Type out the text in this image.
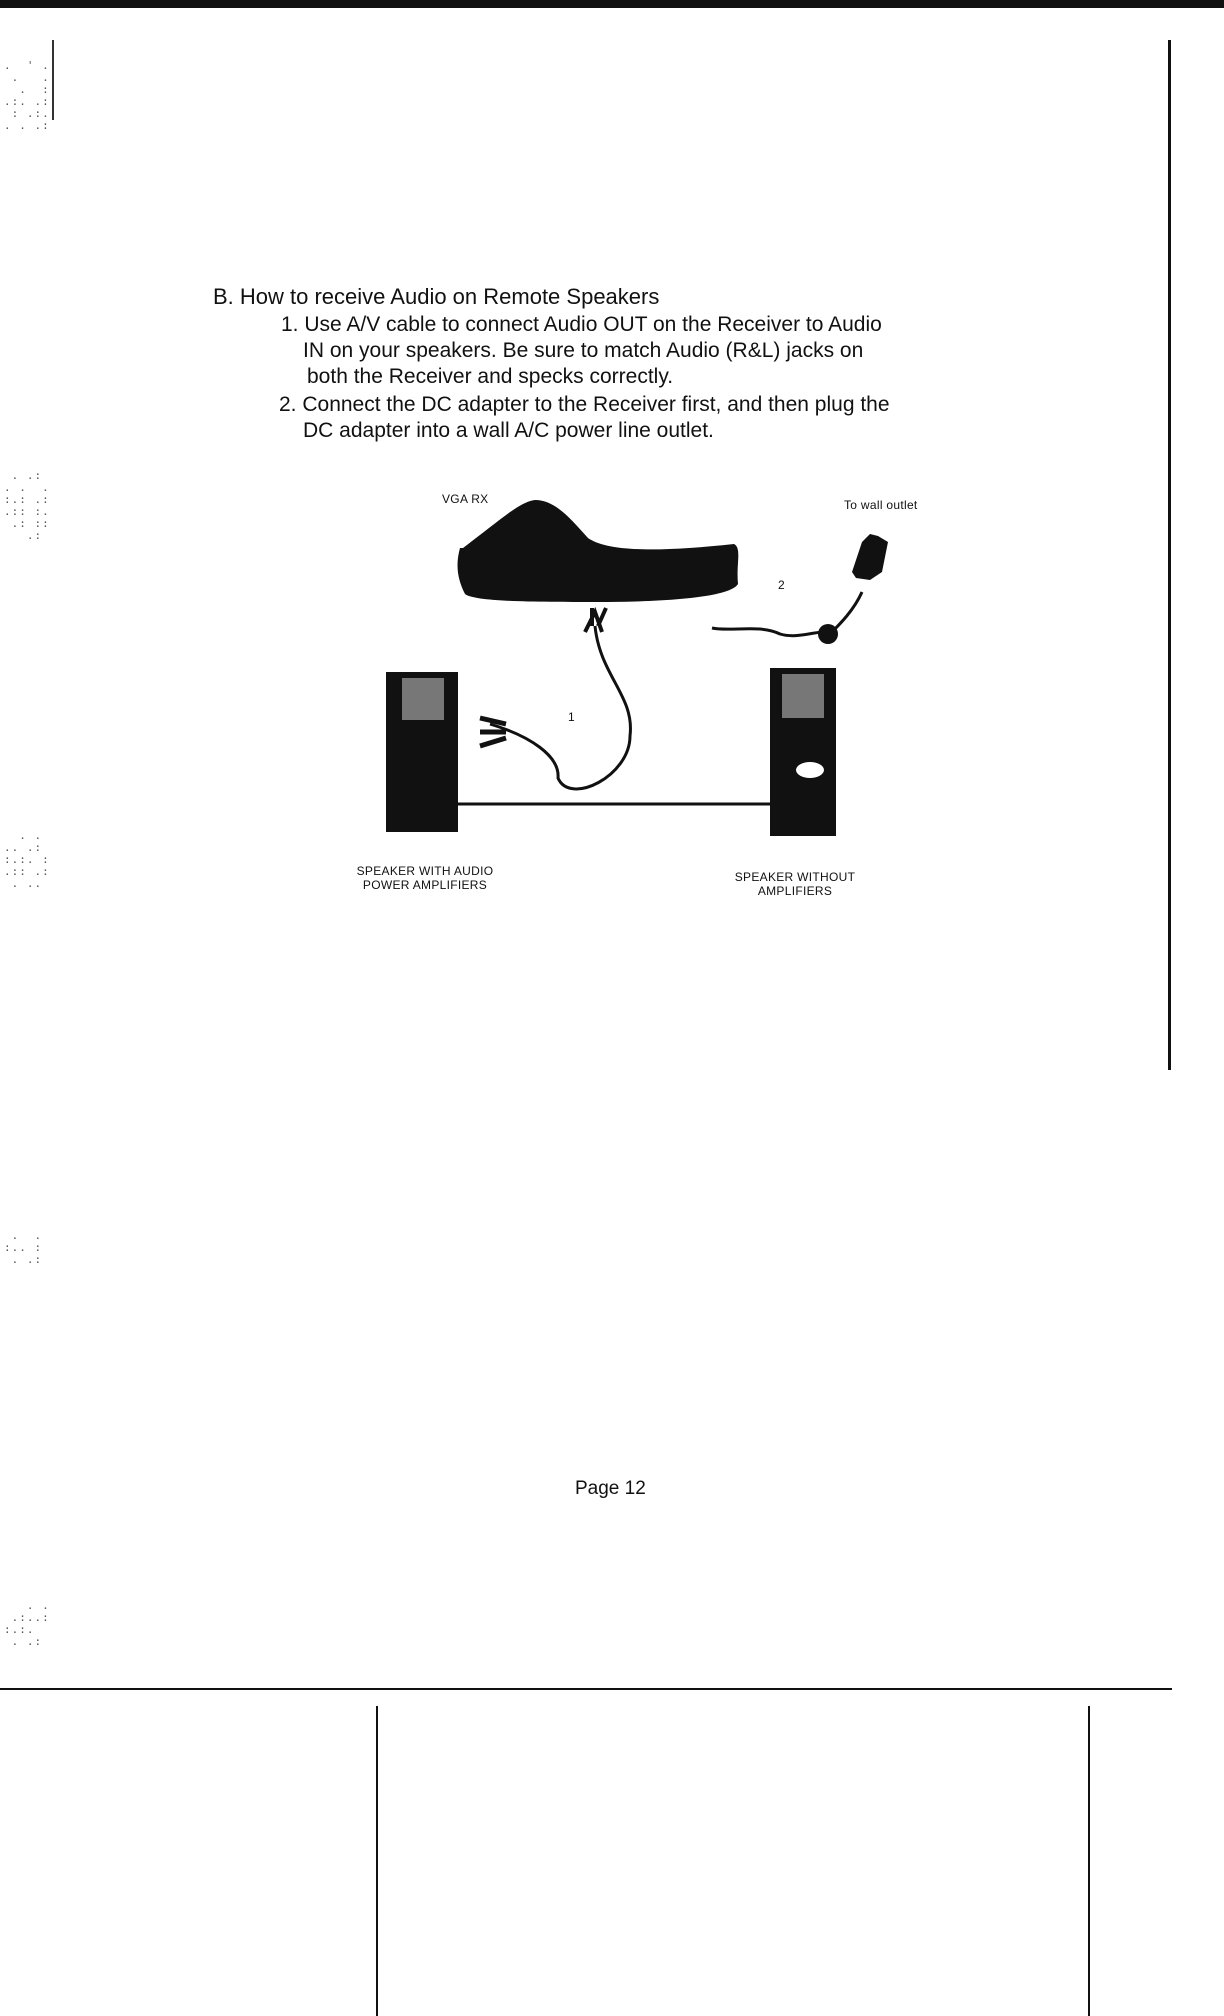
.  ' .
.   .
.  :
.:. .:
: .:.
. . .:
. .:
. .  .
:.: .:
.:: :.
.: ::
.:
. .
.. .:
:.:. :
.:: .:
. ..
.  .
:.. :
. .:
. .
.:..:
:.:.
. .:
B. How to receive Audio on Remote Speakers
1. Use A/V cable to connect Audio OUT on the Receiver to Audio
IN on your speakers. Be sure to match Audio (R&L) jacks on
both the Receiver and specks correctly.
2. Connect the DC adapter to the Receiver first, and then plug the
DC adapter into a wall A/C power line outlet.
VGA RX	To wall outlet
2
1
SPEAKER WITH AUDIO
POWER AMPLIFIERS
SPEAKER WITHOUT
AMPLIFIERS
Page 12
